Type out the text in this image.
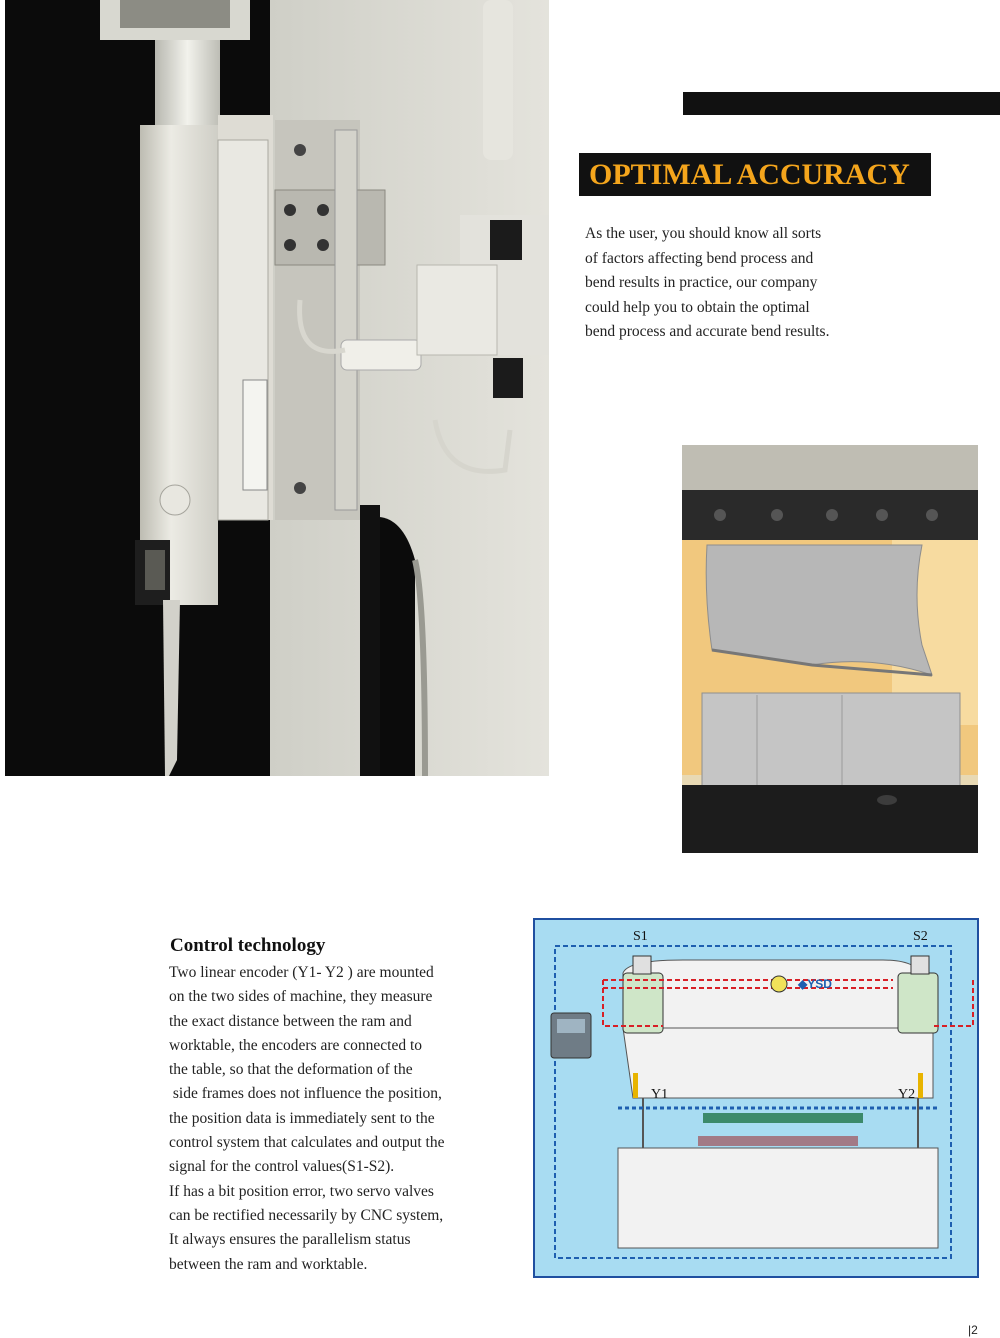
OPTIMAL ACCURACY

As the user, you should know all sorts

of factors affecting bend process and

bend results in practice, our company

could help you to obtain the optimal

bend process and accurate bend results.

Control technology

Two linear encoder (Y1- Y2 ) are mounted

on the two sides of machine, they measure

the exact distance between the ram and

worktable, the encoders are connected to

the table, so that the deformation of the

side frames does not influence the position,

the position data is immediately sent to the

control system that calculates and output the

signal for the control values(S1-S2).

If has a bit position error, two servo valves

can be rectified necessarily by CNC system,

It always ensures the parallelism status

between the ram and worktable.

S1	S2
Y1	Y2
◆YSD
|2
